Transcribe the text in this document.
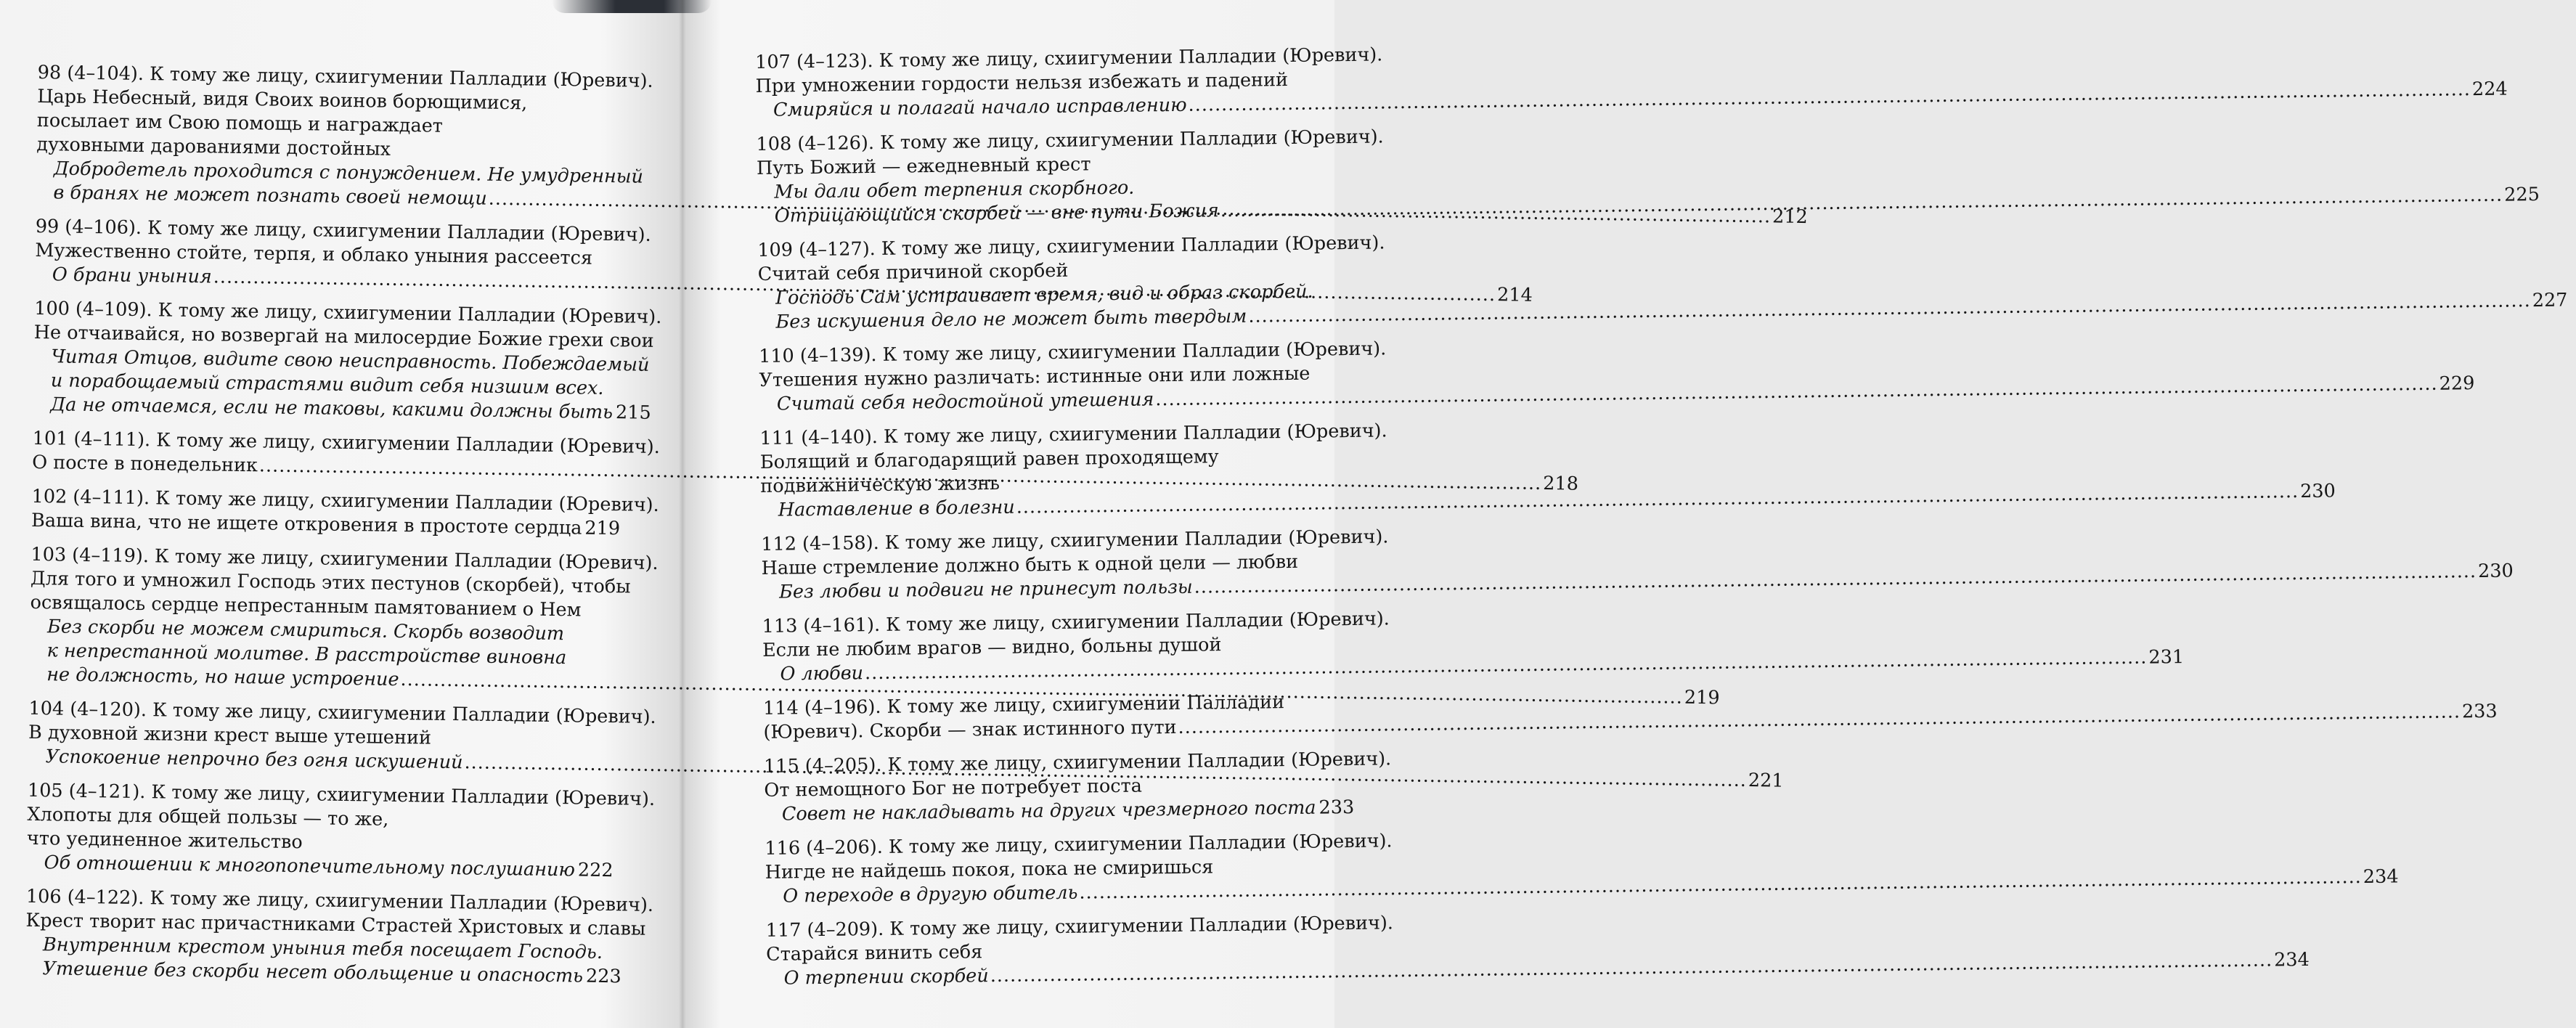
98 (4–104). К тому же лицу, схиигумении Палладии (Юревич).
Царь Небесный, видя Своих воинов борющимися,
посылает им Свою помощь и награждает
духовными дарованиями достойных
Добродетель проходится с понуждением. Не умудренный
в бранях не может познать своей немощи
.....
212
99 (4–106). К тому же лицу, схиигумении Палладии (Юревич).
Мужественно стойте, терпя, и облако уныния рассеется
О брани уныния
.....
214
100 (4–109). К тому же лицу, схиигумении Палладии (Юревич).
Не отчаивайся, но возвергай на милосердие Божие грехи свои
Читая Отцов, видите свою неисправность. Побеждаемый
и порабощаемый страстями видит себя низшим всех.
Да не отчаемся, если не таковы, какими должны быть ..... 215
101 (4–111). К тому же лицу, схиигумении Палладии (Юревич).
О посте в понедельник
.....
218
102 (4–111). К тому же лицу, схиигумении Палладии (Юревич).
Ваша вина, что не ищете откровения в простоте сердца ..... 219
103 (4–119). К тому же лицу, схиигумении Палладии (Юревич).
Для того и умножил Господь этих пестунов (скорбей), чтобы
освящалось сердце непрестанным памятованием о Нем
Без скорби не можем смириться. Скорбь возводит
к непрестанной молитве. В расстройстве виновна
не должность, но наше устроение
.....
219
104 (4–120). К тому же лицу, схиигумении Палладии (Юревич).
В духовной жизни крест выше утешений
Успокоение непрочно без огня искушений
.....
221
105 (4–121). К тому же лицу, схиигумении Палладии (Юревич).
Хлопоты для общей пользы — то же,
что уединенное жительство
Об отношении к многопопечительному послушанию ..... 222
106 (4–122). К тому же лицу, схиигумении Палладии (Юревич).
Крест творит нас причастниками Страстей Христовых и славы
Внутренним крестом уныния тебя посещает Господь.
Утешение без скорби несет обольщение и опасность ..... 223
107 (4–123). К тому же лицу, схиигумении Палладии (Юревич).
При умножении гордости нельзя избежать и падений
Смиряйся и полагай начало исправлению
.....
224
108 (4–126). К тому же лицу, схиигумении Палладии (Юревич).
Путь Божий — ежедневный крест
Мы дали обет терпения скорбного.
Отрицающийся скорбей — вне пути Божия
.....
225
109 (4–127). К тому же лицу, схиигумении Палладии (Юревич).
Считай себя причиной скорбей
Господь Сам устраивает время, вид и образ скорбей.
Без искушения дело не может быть твердым
.....
227
110 (4–139). К тому же лицу, схиигумении Палладии (Юревич).
Утешения нужно различать: истинные они или ложные
Считай себя недостойной утешения
.....
229
111 (4–140). К тому же лицу, схиигумении Палладии (Юревич).
Болящий и благодарящий равен проходящему
подвижническую жизнь
Наставление в болезни
.....
230
112 (4–158). К тому же лицу, схиигумении Палладии (Юревич).
Наше стремление должно быть к одной цели — любви
Без любви и подвиги не принесут пользы
.....
230
113 (4–161). К тому же лицу, схиигумении Палладии (Юревич).
Если не любим врагов — видно, больны душой
О любви
.....
231
114 (4–196). К тому же лицу, схиигумении Палладии
(Юревич). Скорби — знак истинного пути
.....
233
115 (4–205). К тому же лицу, схиигумении Палладии (Юревич).
От немощного Бог не потребует поста
Совет не накладывать на других чрезмерного поста ..... 233
116 (4–206). К тому же лицу, схиигумении Палладии (Юревич).
Нигде не найдешь покоя, пока не смиришься
О переходе в другую обитель
.....
234
117 (4–209). К тому же лицу, схиигумении Палладии (Юревич).
Старайся винить себя
О терпении скорбей
.....
234
